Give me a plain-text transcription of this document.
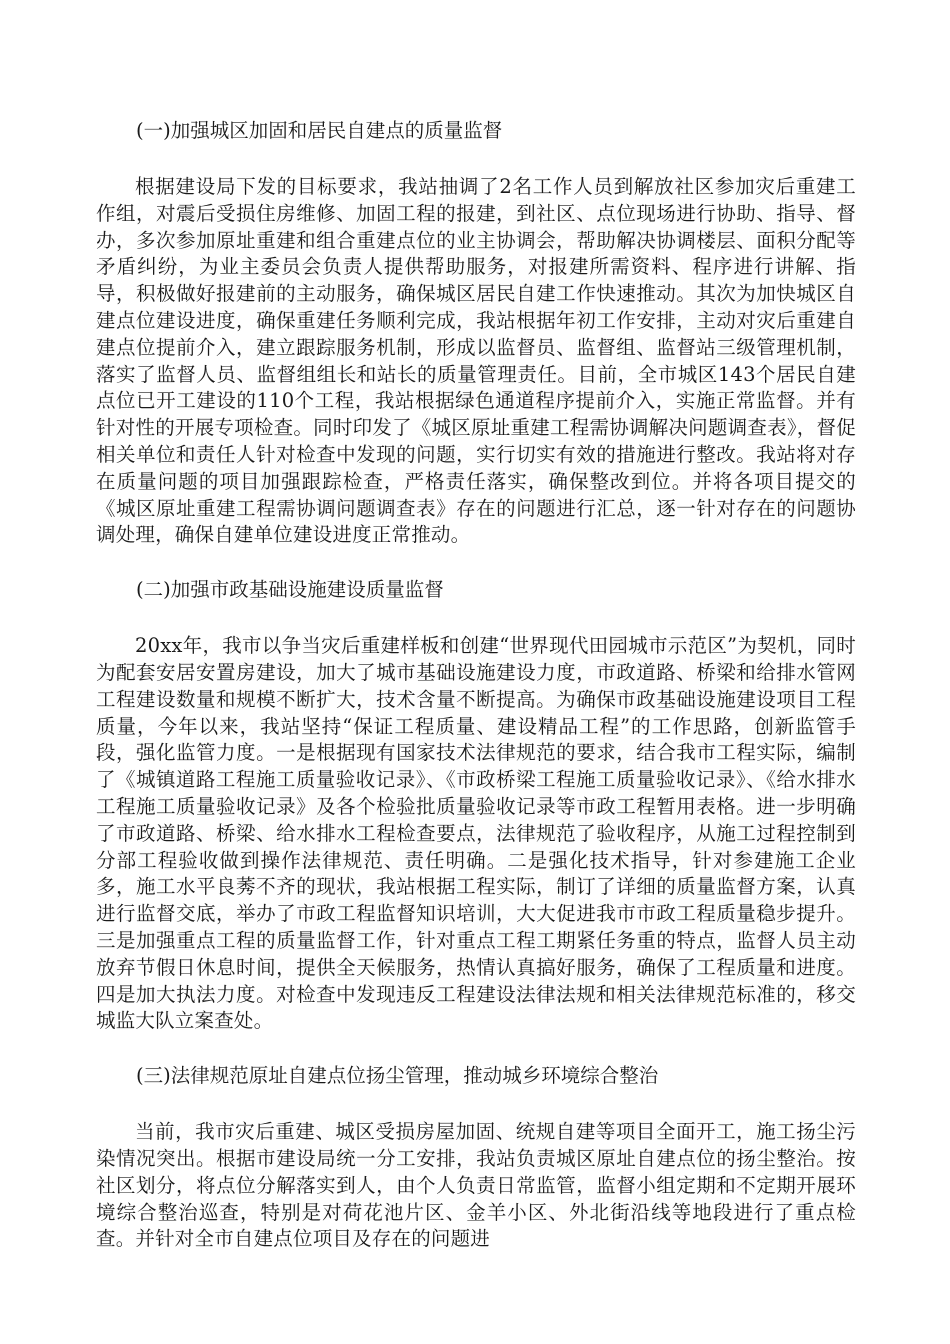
(一)加强城区加固和居民自建点的质量监督

根据建设局下发的目标要求，我站抽调了2名工作人员到解放社区参加灾后重建工作组，对震后受损住房维修、加固工程的报建，到社区、点位现场进行协助、指导、督办，多次参加原址重建和组合重建点位的业主协调会，帮助解决协调楼层、面积分配等矛盾纠纷，为业主委员会负责人提供帮助服务，对报建所需资料、程序进行讲解、指导，积极做好报建前的主动服务，确保城区居民自建工作快速推动。其次为加快城区自建点位建设进度，确保重建任务顺利完成，我站根据年初工作安排，主动对灾后重建自建点位提前介入，建立跟踪服务机制，形成以监督员、监督组、监督站三级管理机制，落实了监督人员、监督组组长和站长的质量管理责任。目前，全市城区143个居民自建点位已开工建设的110个工程，我站根据绿色通道程序提前介入，实施正常监督。并有针对性的开展专项检查。同时印发了《城区原址重建工程需协调解决问题调查表》，督促相关单位和责任人针对检查中发现的问题，实行切实有效的措施进行整改。我站将对存在质量问题的项目加强跟踪检查，严格责任落实，确保整改到位。并将各项目提交的《城区原址重建工程需协调问题调查表》存在的问题进行汇总，逐一针对存在的问题协调处理，确保自建单位建设进度正常推动。

(二)加强市政基础设施建设质量监督

20xx年，我市以争当灾后重建样板和创建“世界现代田园城市示范区”为契机，同时为配套安居安置房建设，加大了城市基础设施建设力度，市政道路、桥梁和给排水管网工程建设数量和规模不断扩大，技术含量不断提高。为确保市政基础设施建设项目工程质量，今年以来，我站坚持“保证工程质量、建设精品工程”的工作思路，创新监管手段，强化监管力度。一是根据现有国家技术法律规范的要求，结合我市工程实际，编制了《城镇道路工程施工质量验收记录》、《市政桥梁工程施工质量验收记录》、《给水排水工程施工质量验收记录》及各个检验批质量验收记录等市政工程暂用表格。进一步明确了市政道路、桥梁、给水排水工程检查要点，法律规范了验收程序，从施工过程控制到分部工程验收做到操作法律规范、责任明确。二是强化技术指导，针对参建施工企业多，施工水平良莠不齐的现状，我站根据工程实际，制订了详细的质量监督方案，认真进行监督交底，举办了市政工程监督知识培训，大大促进我市市政工程质量稳步提升。三是加强重点工程的质量监督工作，针对重点工程工期紧任务重的特点，监督人员主动放弃节假日休息时间，提供全天候服务，热情认真搞好服务，确保了工程质量和进度。四是加大执法力度。对检查中发现违反工程建设法律法规和相关法律规范标准的，移交城监大队立案查处。

(三)法律规范原址自建点位扬尘管理，推动城乡环境综合整治

当前，我市灾后重建、城区受损房屋加固、统规自建等项目全面开工，施工扬尘污染情况突出。根据市建设局统一分工安排，我站负责城区原址自建点位的扬尘整治。按社区划分，将点位分解落实到人，由个人负责日常监管，监督小组定期和不定期开展环境综合整治巡查，特别是对荷花池片区、金羊小区、外北街沿线等地段进行了重点检查。并针对全市自建点位项目及存在的问题进
